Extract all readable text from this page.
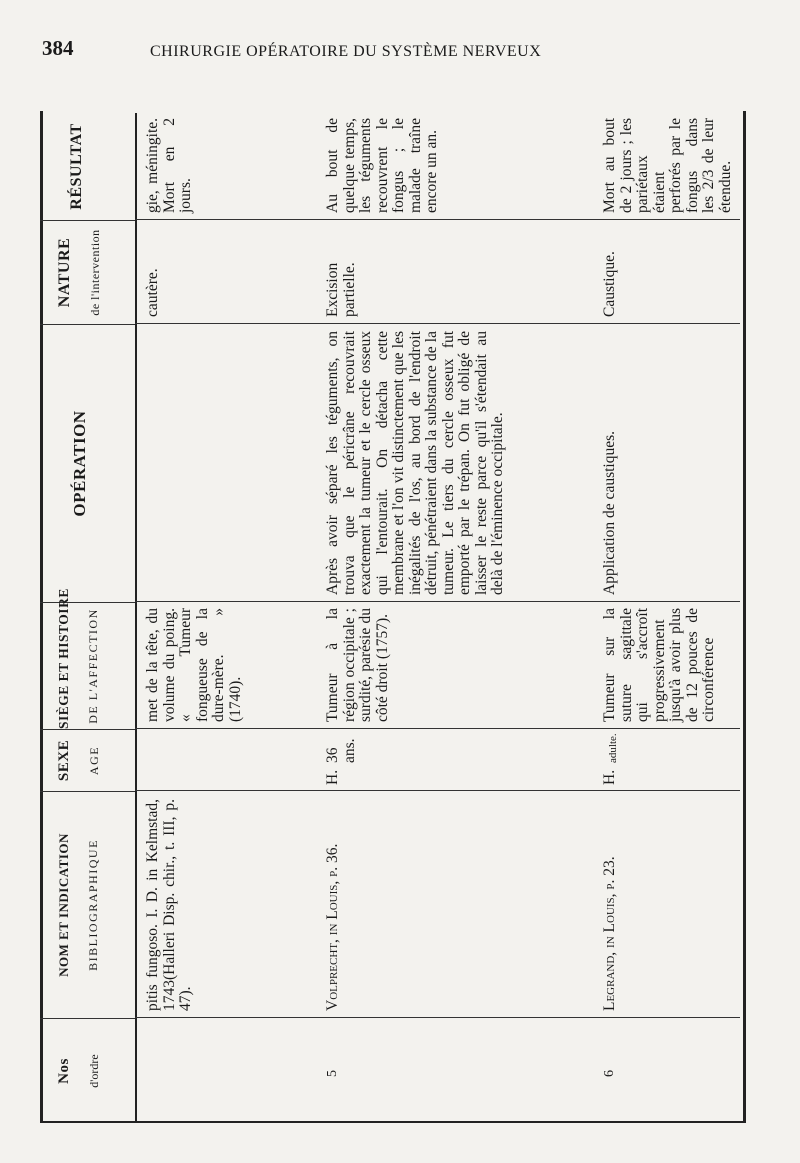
384	CHIRURGIE OPÉRATOIRE DU SYSTÈME NERVEUX
Nos d'ordre
NOM ET INDICATION BIBLIOGRAPHIQUE
SEXE AGE
SIÈGE ET HISTOIRE DE L'AFFECTION
OPÉRATION
NATURE de l'intervention
RÉSULTAT
pitis fungoso. I. D. in Kelmstad, 1743(Halleri Disp. chir., t. III, p. 47).
met de la tête, du volume du poing. « Tumeur fongueuse de la dure-mère. » (1740).
cautère.
gie, méningite. Mort en 2 jours.
5
Volprecht, in Louis, p. 36.
H.
36 ans.
Tumeur à la région occipitale ; surdité, parésie du côté droit (1757).
Après avoir séparé les téguments, on trouva que le péricrâne recouvrait exactement la tumeur et le cercle osseux qui l'entourait. On détacha cette membrane et l'on vit distinctement que les inégalités de l'os, au bord de l'endroit détruit, pénétraient dans la substance de la tumeur. Le tiers du cercle osseux fut emporté par le trépan. On fut obligé de laisser le reste parce qu'il s'étendait au delà de l'éminence occipitale.
Excision partielle.
Au bout de quelque temps, les téguments recouvrent le fongus ; le malade traîne encore un an.
6
Legrand, in Louis, p. 23.
H.
adulte.
Tumeur sur la suture sagittale qui s'accroît progressivement jusqu'à avoir plus de 12 pouces de circonférence
Application de caustiques.
Caustique.
Mort au bout de 2 jours ; les pariétaux étaient perforés par le fongus dans les 2/3 de leur étendue.
